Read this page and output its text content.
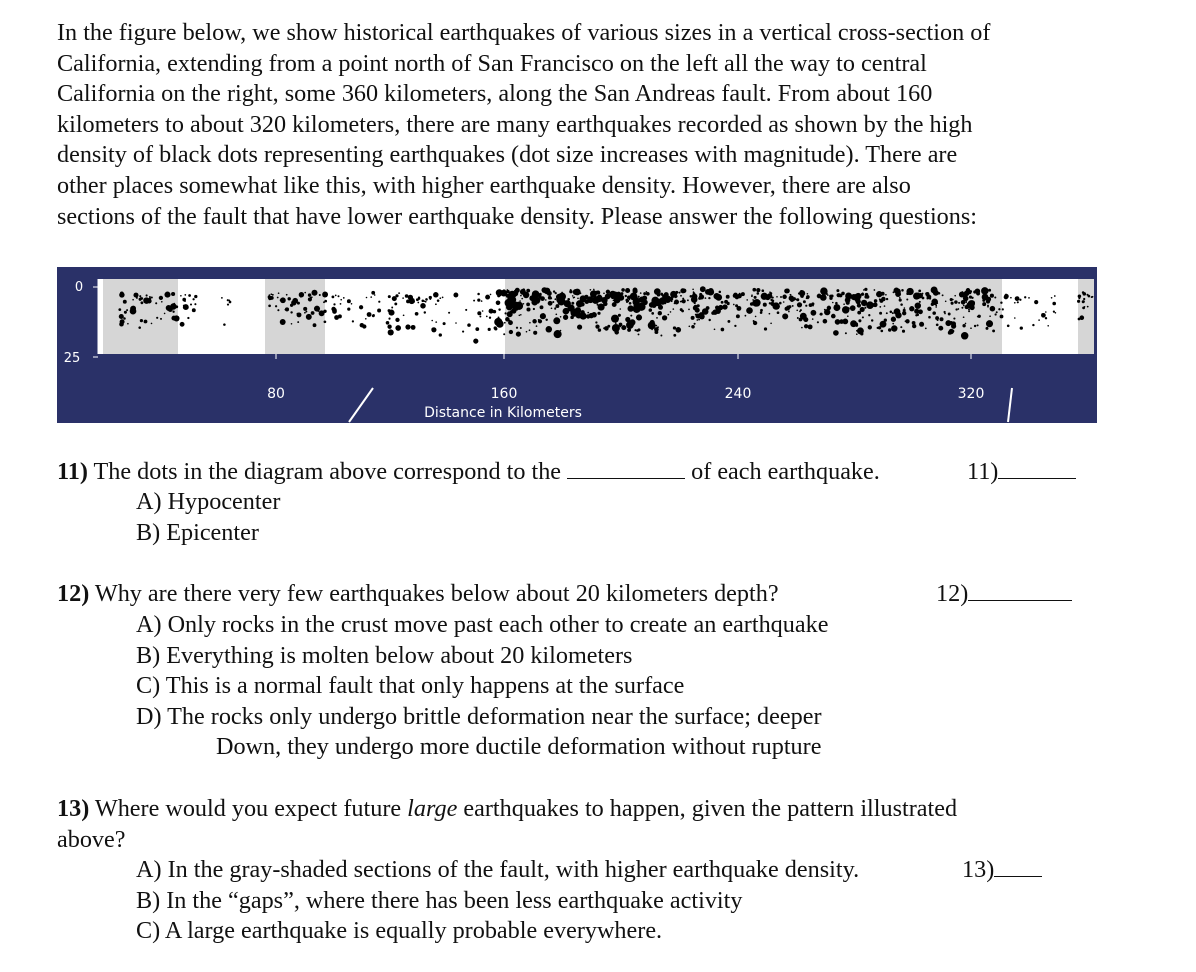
In the figure below, we show historical earthquakes of various sizes in a vertical cross-section of

California, extending from a point north of San Francisco on the left all the way to central

California on the right, some 360 kilometers, along the San Andreas fault. From about 160

kilometers to about 320 kilometers, there are many earthquakes recorded as shown by the high

density of black dots representing earthquakes (dot size increases with magnitude). There are

other places somewhat like this, with higher earthquake density. However, there are also

sections of the fault that have lower earthquake density. Please answer the following questions:

0
25
80	160	240	320
Distance in Kilometers
11) The dots in the diagram above correspond to the	of each earthquake.	11)
A) Hypocenter
B) Epicenter
12) Why are there very few earthquakes below about 20 kilometers depth?	12)
A) Only rocks in the crust move past each other to create an earthquake
B) Everything is molten below about 20 kilometers
C) This is a normal fault that only happens at the surface
D) The rocks only undergo brittle deformation near the surface; deeper
Down, they undergo more ductile deformation without rupture
13) Where would you expect future large earthquakes to happen, given the pattern illustrated
above?
A) In the gray-shaded sections of the fault, with higher earthquake density.	13)
B) In the “gaps”, where there has been less earthquake activity
C) A large earthquake is equally probable everywhere.
